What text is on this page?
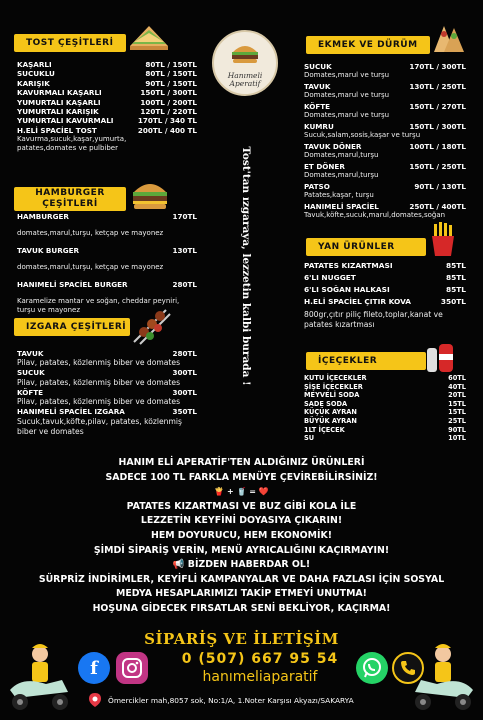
TOST ÇEŞİTLERİ
KAŞARLI	80TL / 150TL
SUCUKLU	80TL / 150TL
KARIŞIK	90TL / 150TL
KAVURMALI KAŞARLI	150TL / 300TL
YUMURTALI KAŞARLI	100TL / 200TL
YUMURTALI KARIŞIK	120TL / 220TL
YUMURTALI KAVURMALI	170TL / 340 TL
H.ELİ SPACİEL TOST	200TL / 400 TL
Kavurma,sucuk,kaşar,yumurta, patates,domates ve pulbiber
HAMBURGER
ÇEŞİTLERİ
HAMBURGER	170TL
domates,marul,turşu, ketçap ve mayonez
TAVUK BURGER	130TL
domates,marul,turşu, ketçap ve mayonez
HANIMELİ SPACİEL BURGER	280TL
Karamelize mantar ve soğan, cheddar peyniri, turşu ve mayonez
IZGARA ÇEŞİTLERİ
TAVUK	280TL
Pilav, patates, közlenmiş biber ve domates
SUCUK	300TL
Pilav, patates, közlenmiş biber ve domates
KÖFTE	300TL
Pilav, patates, közlenmiş biber ve domates
HANIMELİ SPACİEL IZGARA	350TL
Sucuk,tavuk,köfte,pilav, patates, közlenmiş biber ve domates
Hanımeli
Aperatif
Tost'tan ızgaraya, lezzetin kalbi burada !
EKMEK VE DÜRÜM
SUCUK	170TL / 300TL
Domates,marul ve turşu
TAVUK	130TL / 250TL
Domates,marul ve turşu
KÖFTE	150TL / 270TL
Domates,marul ve turşu
KUMRU	150TL / 300TL
Sucuk,salam,sosis,kaşar ve turşu
TAVUK DÖNER	100TL / 180TL
Domates,marul,turşu
ET DÖNER	150TL / 250TL
Domates,marul,turşu
PATSO	90TL / 130TL
Patates,kaşar, turşu
HANIMELİ SPACİEL	250TL / 400TL
Tavuk,köfte,sucuk,marul,domates,soğan
YAN ÜRÜNLER
PATATES KIZARTMASI	85TL
6'LI NUGGET	85TL
6'LI SOĞAN HALKASI	85TL
H.ELİ SPACİEL ÇITIR KOVA	350TL
800gr,çıtır piliç fileto,toplar,kanat ve patates kızartması
İÇEÇEKLER
KUTU İÇECEKLER	60TL
ŞİŞE İÇECEKLER	40TL
MEYVELİ SODA	20TL
SADE SODA	15TL
KÜÇÜK AYRAN	15TL
BÜYÜK AYRAN	25TL
1LT İÇECEK	90TL
SU	10TL
HANIM ELİ APERATİF'TEN ALDIĞINIZ ÜRÜNLERİ
SADECE 100 TL FARKLA MENÜYE ÇEVİREBİLİRSİNİZ!
🍟 + 🥤 = ❤️
PATATES KIZARTMASI VE BUZ GİBİ KOLA İLE
LEZZETİN KEYFİNİ DOYASIYA ÇIKARIN!
HEM DOYURUCU, HEM EKONOMİK!
ŞİMDİ SİPARİŞ VERİN, MENÜ AYRICALIĞINI KAÇIRMAYIN!
📢 BİZDEN HABERDAR OL!
SÜRPRİZ İNDİRİMLER, KEYİFLİ KAMPANYALAR VE DAHA FAZLASI İÇİN SOSYAL
MEDYA HESAPLARIMIZI TAKİP ETMEYİ UNUTMA!
HOŞUNA GİDECEK FIRSATLAR SENİ BEKLİYOR, KAÇIRMA!
SİPARİŞ VE İLETİŞİM
0 (507) 667 95 54
hanımeliaparatif
f
Ömercikler mah,8057 sok, No:1/A, 1.Noter Karşısı Akyazı/SAKARYA
